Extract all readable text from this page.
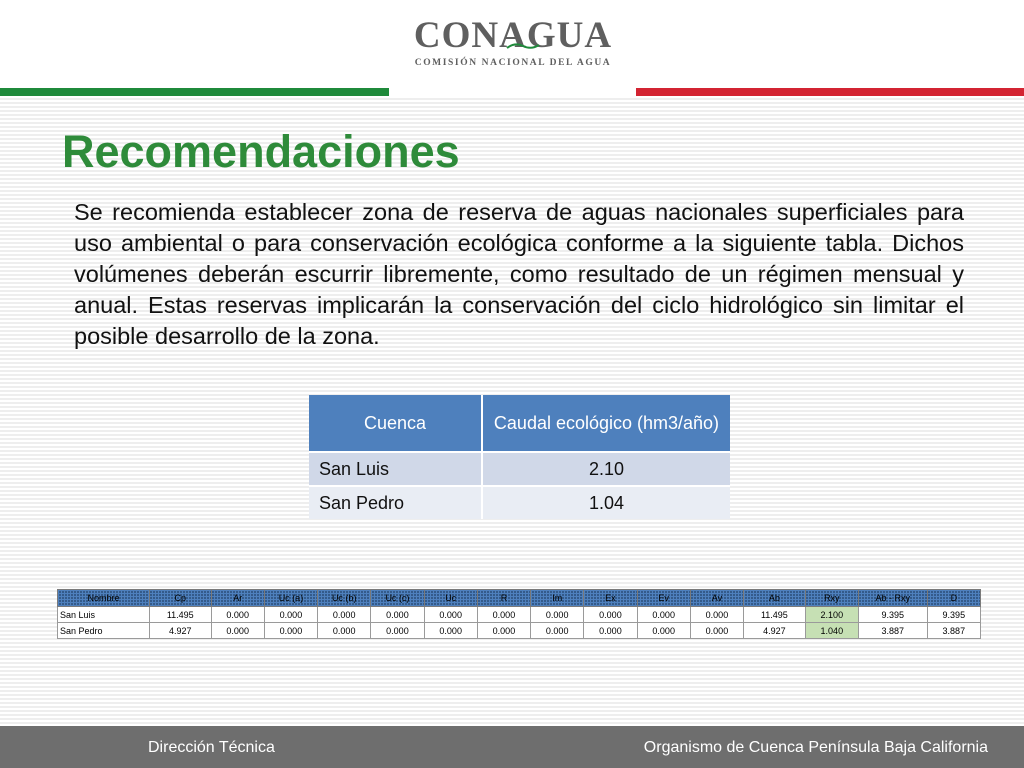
CONAGUA
COMISIÓN NACIONAL DEL AGUA
Recomendaciones

Se recomienda establecer zona de reserva de aguas nacionales superficiales para uso ambiental o para conservación ecológica conforme a la siguiente tabla. Dichos volúmenes deberán escurrir libremente, como resultado de un régimen mensual y anual. Estas reservas implicarán la conservación del ciclo hidrológico sin limitar el posible desarrollo de la zona.

Cuenca	Caudal ecológico (hm3/año)
San Luis	2.10
San Pedro	1.04
Nombre	Cp	Ar	Uc (a)	Uc (b)	Uc (c)	Uc	R	Im	Ex	Ev	Av	Ab	Rxy	Ab - Rxy	D
San Luis	11.495	0.000	0.000	0.000	0.000	0.000	0.000	0.000	0.000	0.000	0.000	11.495	2.100	9.395	9.395
San Pedro	4.927	0.000	0.000	0.000	0.000	0.000	0.000	0.000	0.000	0.000	0.000	4.927	1.040	3.887	3.887
Dirección Técnica	Organismo de Cuenca Península Baja California
